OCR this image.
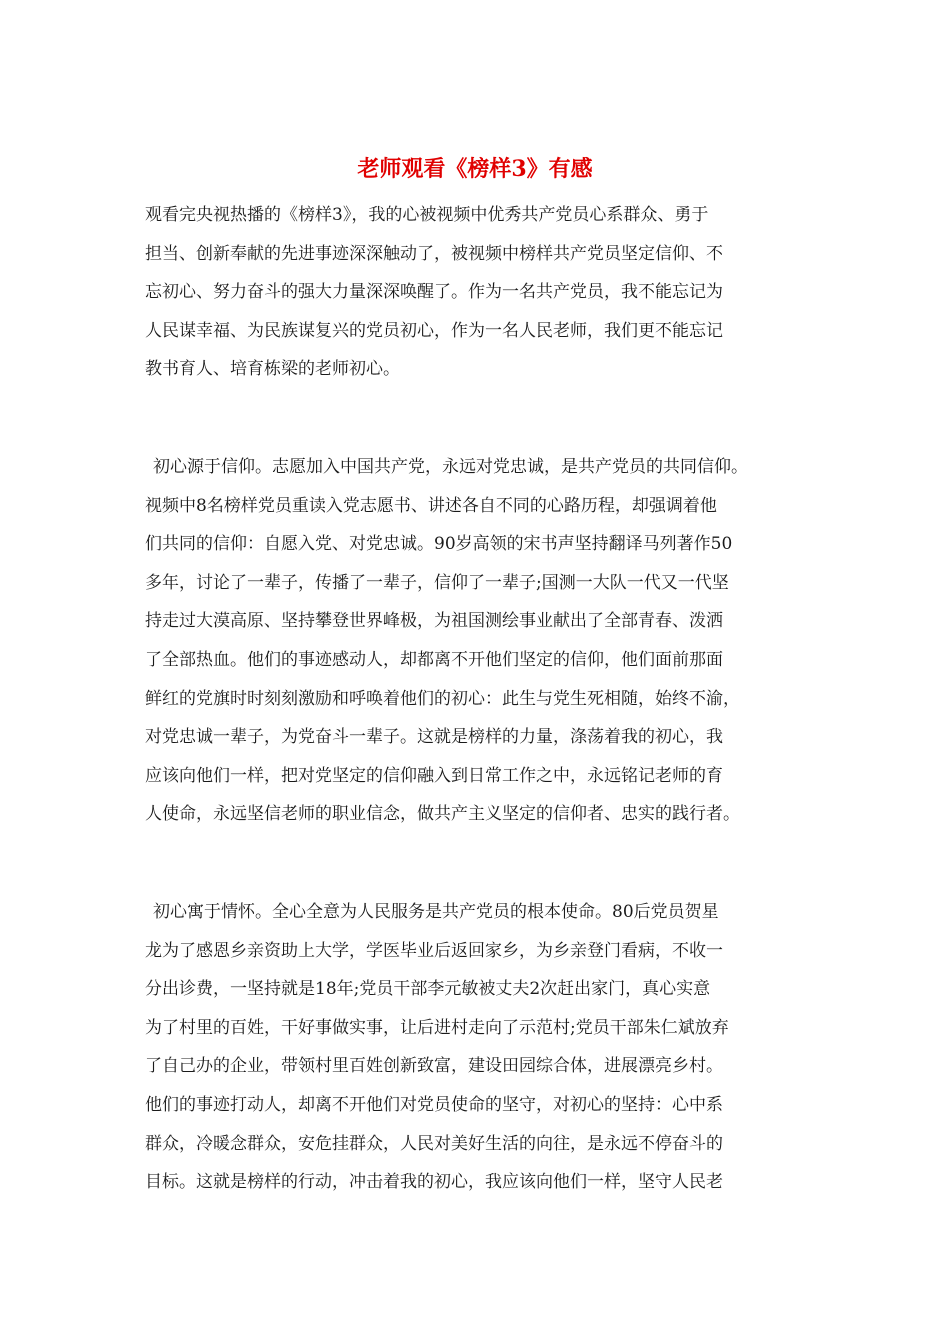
老师观看《榜样3》有感
观看完央视热播的《榜样3》，我的心被视频中优秀共产党员心系群众、勇于
担当、创新奉献的先进事迹深深触动了，被视频中榜样共产党员坚定信仰、不
忘初心、努力奋斗的强大力量深深唤醒了。作为一名共产党员，我不能忘记为
人民谋幸福、为民族谋复兴的党员初心，作为一名人民老师，我们更不能忘记
教书育人、培育栋梁的老师初心。
初心源于信仰。志愿加入中国共产党，永远对党忠诚，是共产党员的共同信仰。
视频中8名榜样党员重读入党志愿书、讲述各自不同的心路历程，却强调着他
们共同的信仰：自愿入党、对党忠诚。90岁高领的宋书声坚持翻译马列著作50
多年，讨论了一辈子，传播了一辈子，信仰了一辈子;国测一大队一代又一代坚
持走过大漠高原、坚持攀登世界峰极，为祖国测绘事业献出了全部青春、泼洒
了全部热血。他们的事迹感动人，却都离不开他们坚定的信仰，他们面前那面
鲜红的党旗时时刻刻激励和呼唤着他们的初心：此生与党生死相随，始终不渝，
对党忠诚一辈子，为党奋斗一辈子。这就是榜样的力量，涤荡着我的初心，我
应该向他们一样，把对党坚定的信仰融入到日常工作之中，永远铭记老师的育
人使命，永远坚信老师的职业信念，做共产主义坚定的信仰者、忠实的践行者。
初心寓于情怀。全心全意为人民服务是共产党员的根本使命。80后党员贺星
龙为了感恩乡亲资助上大学，学医毕业后返回家乡，为乡亲登门看病，不收一
分出诊费，一坚持就是18年;党员干部李元敏被丈夫2次赶出家门，真心实意
为了村里的百姓，干好事做实事，让后进村走向了示范村;党员干部朱仁斌放弃
了自己办的企业，带领村里百姓创新致富，建设田园综合体，进展漂亮乡村。
他们的事迹打动人，却离不开他们对党员使命的坚守，对初心的坚持：心中系
群众，冷暖念群众，安危挂群众，人民对美好生活的向往，是永远不停奋斗的
目标。这就是榜样的行动，冲击着我的初心，我应该向他们一样，坚守人民老
